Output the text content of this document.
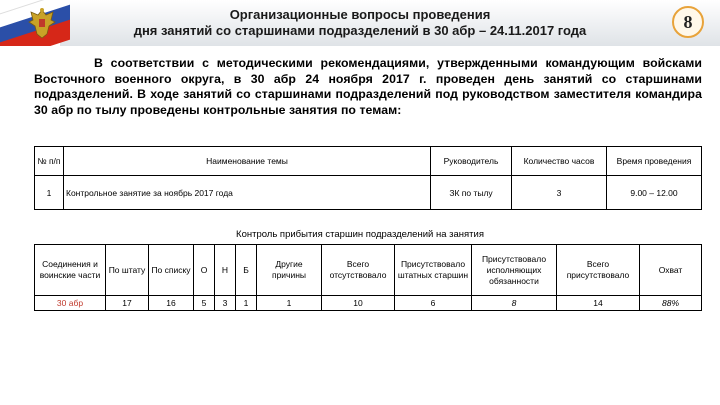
Организационные вопросы проведения
дня занятий со старшинами подразделений в 30 абр – 24.11.2017 года	8
В соответствии с методическими рекомендациями, утвержденными командующим войсками Восточного военного округа, в 30 абр 24 ноября 2017 г. проведен день занятий со старшинами подразделений. В ходе занятий со старшинами подразделений под руководством заместителя командира 30 абр по тылу проведены контрольные занятия по темам:
№ п/п	Наименование темы	Руководитель	Количество часов	Время проведения
1	Контрольное занятие за ноябрь 2017 года	ЗК по тылу	3	9.00 – 12.00
Контроль прибытия старшин подразделений на занятия
Соединения и воинские части	По штату	По списку	О	Н	Б	Другие причины	Всего отсутствовало	Присутствовало штатных старшин	Присутствовало исполняющих обязанности	Всего присутствовало	Охват
30 абр	17	16	5	3	1	1	10	6	8	14	88%
